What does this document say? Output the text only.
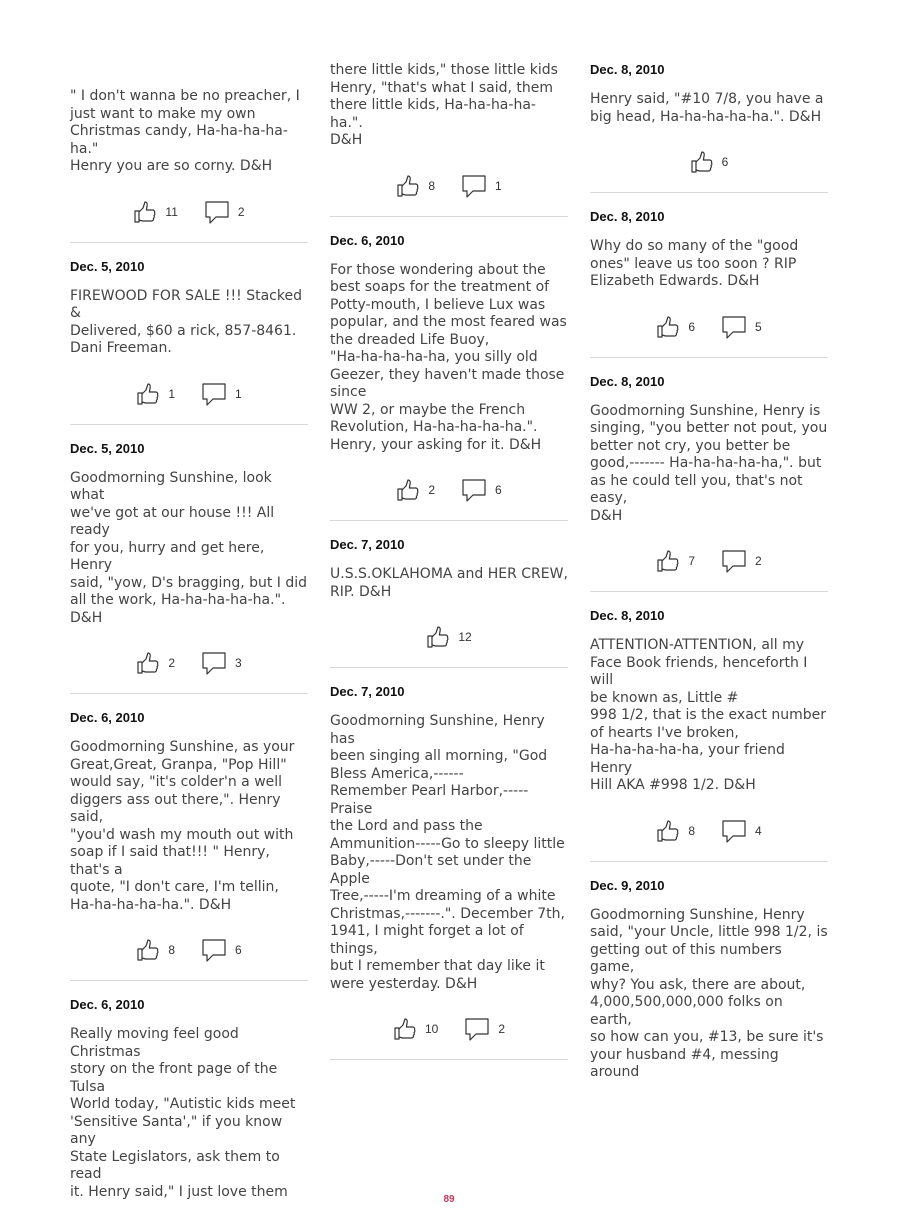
" I don't wanna be no preacher, I
just want to make my own
Christmas candy, Ha-ha-ha-ha-ha."
Henry you are so corny. D&H
11	2
Dec. 5, 2010
FIREWOOD FOR SALE !!! Stacked &
Delivered, $60 a rick, 857-8461.
Dani Freeman.
1	1
Dec. 5, 2010
Goodmorning Sunshine, look what
we've got at our house !!! All ready
for you, hurry and get here, Henry
said, "yow, D's bragging, but I did
all the work, Ha-ha-ha-ha-ha.".
D&H
2	3
Dec. 6, 2010
Goodmorning Sunshine, as your
Great,Great, Granpa, "Pop Hill"
would say, "it's colder'n a well
diggers ass out there,". Henry said,
"you'd wash my mouth out with
soap if I said that!!! " Henry, that's a
quote, "I don't care, I'm tellin,
Ha-ha-ha-ha-ha.". D&H
8	6
Dec. 6, 2010
Really moving feel good Christmas
story on the front page of the Tulsa
World today, "Autistic kids meet
'Sensitive Santa'," if you know any
State Legislators, ask them to read
it. Henry said," I just love them
there little kids," those little kids
Henry, "that's what I said, them
there little kids, Ha-ha-ha-ha-ha.".
D&H
8	1
Dec. 6, 2010
For those wondering about the
best soaps for the treatment of
Potty-mouth, I believe Lux was
popular, and the most feared was
the dreaded Life Buoy,
"Ha-ha-ha-ha-ha, you silly old
Geezer, they haven't made those
since
WW 2, or maybe the French
Revolution, Ha-ha-ha-ha-ha.".
Henry, your asking for it. D&H
2	6
Dec. 7, 2010
U.S.S.OKLAHOMA and HER CREW,
RIP. D&H
12
Dec. 7, 2010
Goodmorning Sunshine, Henry has
been singing all morning, "God
Bless America,------
Remember Pearl Harbor,-----Praise
the Lord and pass the
Ammunition-----Go to sleepy little
Baby,-----Don't set under the Apple
Tree,-----I'm dreaming of a white
Christmas,-------.". December 7th,
1941, I might forget a lot of things,
but I remember that day like it
were yesterday. D&H
10	2
Dec. 8, 2010
Henry said, "#10 7/8, you have a
big head, Ha-ha-ha-ha-ha.". D&H
6
Dec. 8, 2010
Why do so many of the "good
ones" leave us too soon ? RIP
Elizabeth Edwards. D&H
6	5
Dec. 8, 2010
Goodmorning Sunshine, Henry is
singing, "you better not pout, you
better not cry, you better be
good,------- Ha-ha-ha-ha-ha,". but
as he could tell you, that's not easy,
D&H
7	2
Dec. 8, 2010
ATTENTION-ATTENTION, all my
Face Book friends, henceforth I will
be known as, Little #
998 1/2, that is the exact number
of hearts I've broken,
Ha-ha-ha-ha-ha, your friend Henry
Hill AKA #998 1/2. D&H
8	4
Dec. 9, 2010
Goodmorning Sunshine, Henry
said, "your Uncle, little 998 1/2, is
getting out of this numbers game,
why? You ask, there are about,
4,000,500,000,000 folks on earth,
so how can you, #13, be sure it's
your husband #4, messing around
89
